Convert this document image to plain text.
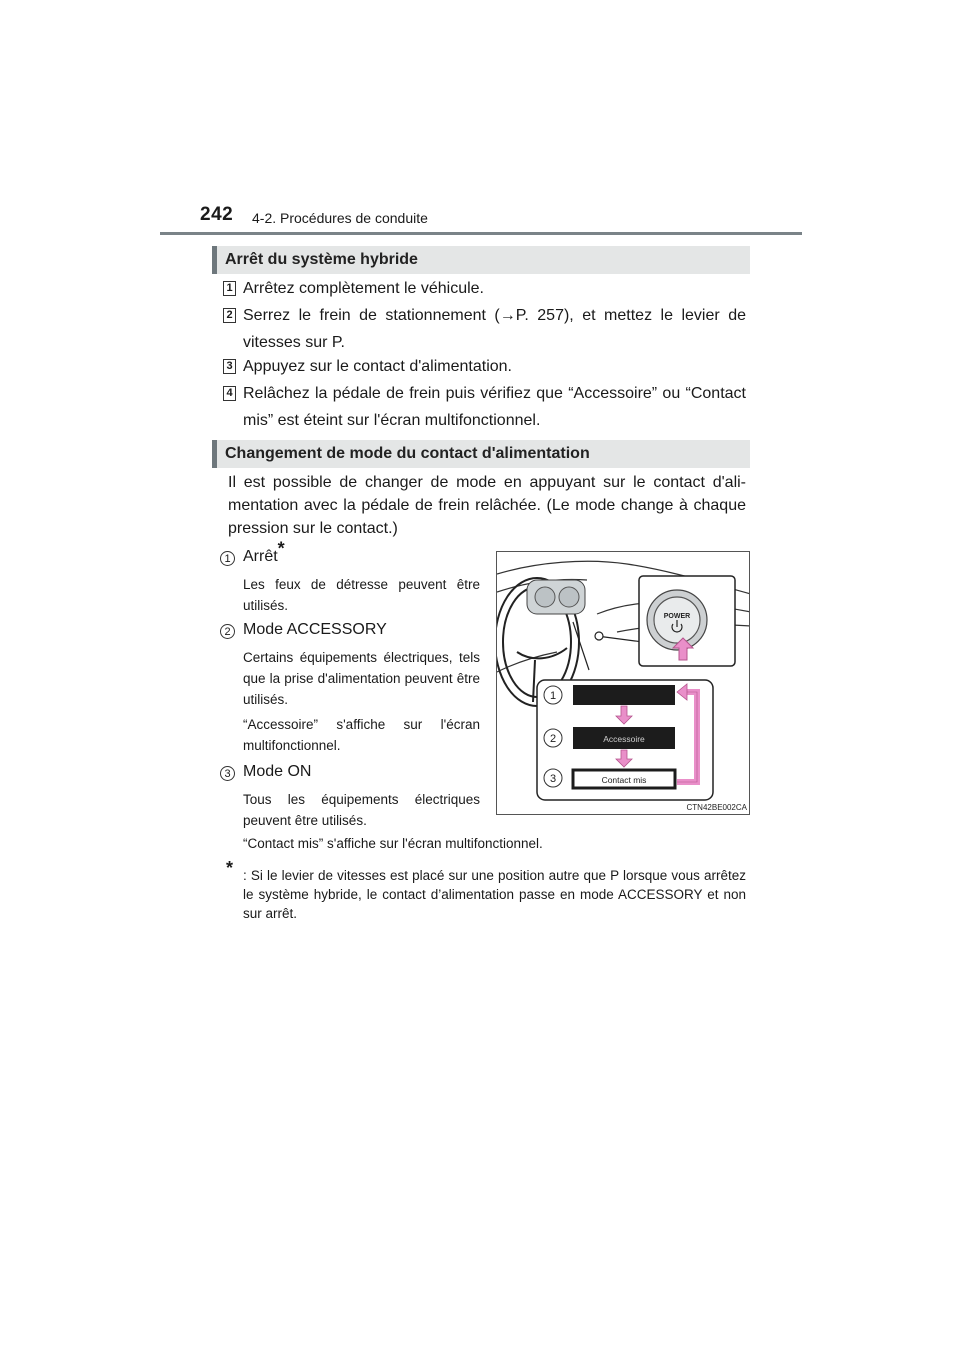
242 4-2. Procédures de conduite
Arrêt du système hybride
1 Arrêtez complètement le véhicule.
2 Serrez le frein de stationnement (→P. 257), et mettez le levier de vitesses sur P.
3 Appuyez sur le contact d'alimentation.
4 Relâchez la pédale de frein puis vérifiez que “Accessoire” ou “Contact mis” est éteint sur l'écran multifonctionnel.
Changement de mode du contact d'alimentation
Il est possible de changer de mode en appuyant sur le contact d'ali-mentation avec la pédale de frein relâchée. (Le mode change à chaque pression sur le contact.)
1 Arrêt*
Les feux de détresse peuvent être utilisés.
2 Mode ACCESSORY
Certains équipements électriques, tels que la prise d'alimentation peuvent être utilisés.
“Accessoire” s'affiche sur l'écran multifonctionnel.
3 Mode ON
Tous les équipements électriques peuvent être utilisés.
“Contact mis” s'affiche sur l'écran multifonctionnel.
POWER
1
2
3
Accessoire
Contact mis
CTN42BE002CA
* : Si le levier de vitesses est placé sur une position autre que P lorsque vous arrêtez le système hybride, le contact d’alimentation passe en mode ACCESSORY et non sur arrêt.
